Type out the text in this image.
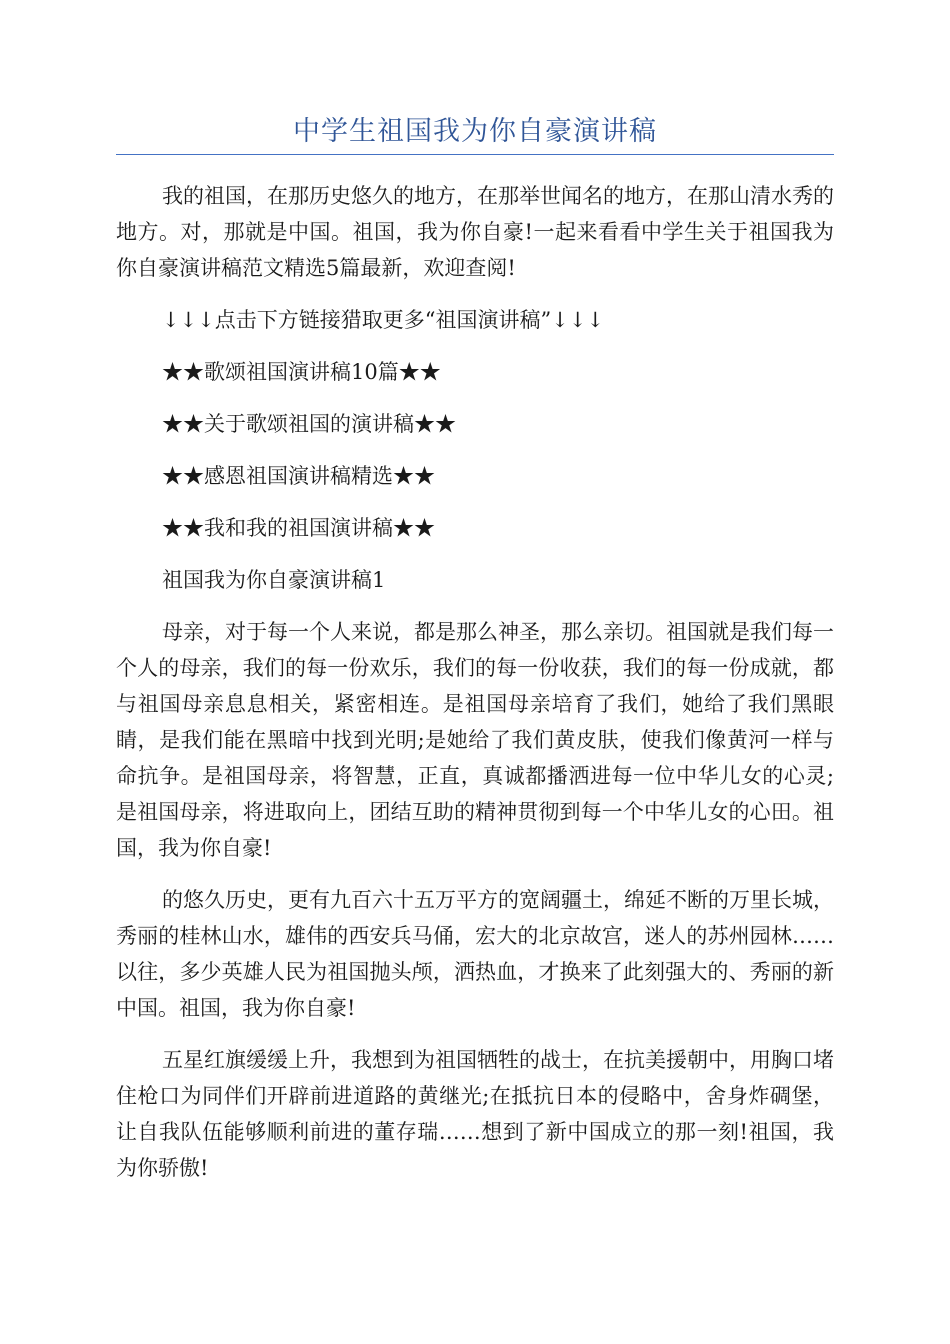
中学生祖国我为你自豪演讲稿

我的祖国，在那历史悠久的地方，在那举世闻名的地方，在那山清水秀的地方。对，那就是中国。祖国，我为你自豪!一起来看看中学生关于祖国我为你自豪演讲稿范文精选5篇最新，欢迎查阅!

↓↓↓点击下方链接猎取更多“祖国演讲稿”↓↓↓

★★歌颂祖国演讲稿10篇★★

★★关于歌颂祖国的演讲稿★★

★★感恩祖国演讲稿精选★★

★★我和我的祖国演讲稿★★

祖国我为你自豪演讲稿1

母亲，对于每一个人来说，都是那么神圣，那么亲切。祖国就是我们每一个人的母亲，我们的每一份欢乐，我们的每一份收获，我们的每一份成就，都与祖国母亲息息相关，紧密相连。是祖国母亲培育了我们，她给了我们黑眼睛，是我们能在黑暗中找到光明;是她给了我们黄皮肤，使我们像黄河一样与命抗争。是祖国母亲，将智慧，正直，真诚都播洒进每一位中华儿女的心灵;是祖国母亲，将进取向上，团结互助的精神贯彻到每一个中华儿女的心田。祖国，我为你自豪!

的悠久历史，更有九百六十五万平方的宽阔疆土，绵延不断的万里长城，秀丽的桂林山水，雄伟的西安兵马俑，宏大的北京故宫，迷人的苏州园林……以往，多少英雄人民为祖国抛头颅，洒热血，才换来了此刻强大的、秀丽的新中国。祖国，我为你自豪!

五星红旗缓缓上升，我想到为祖国牺牲的战士，在抗美援朝中，用胸口堵住枪口为同伴们开辟前进道路的黄继光;在抵抗日本的侵略中，舍身炸碉堡，让自我队伍能够顺利前进的董存瑞……想到了新中国成立的那一刻!祖国，我为你骄傲!
